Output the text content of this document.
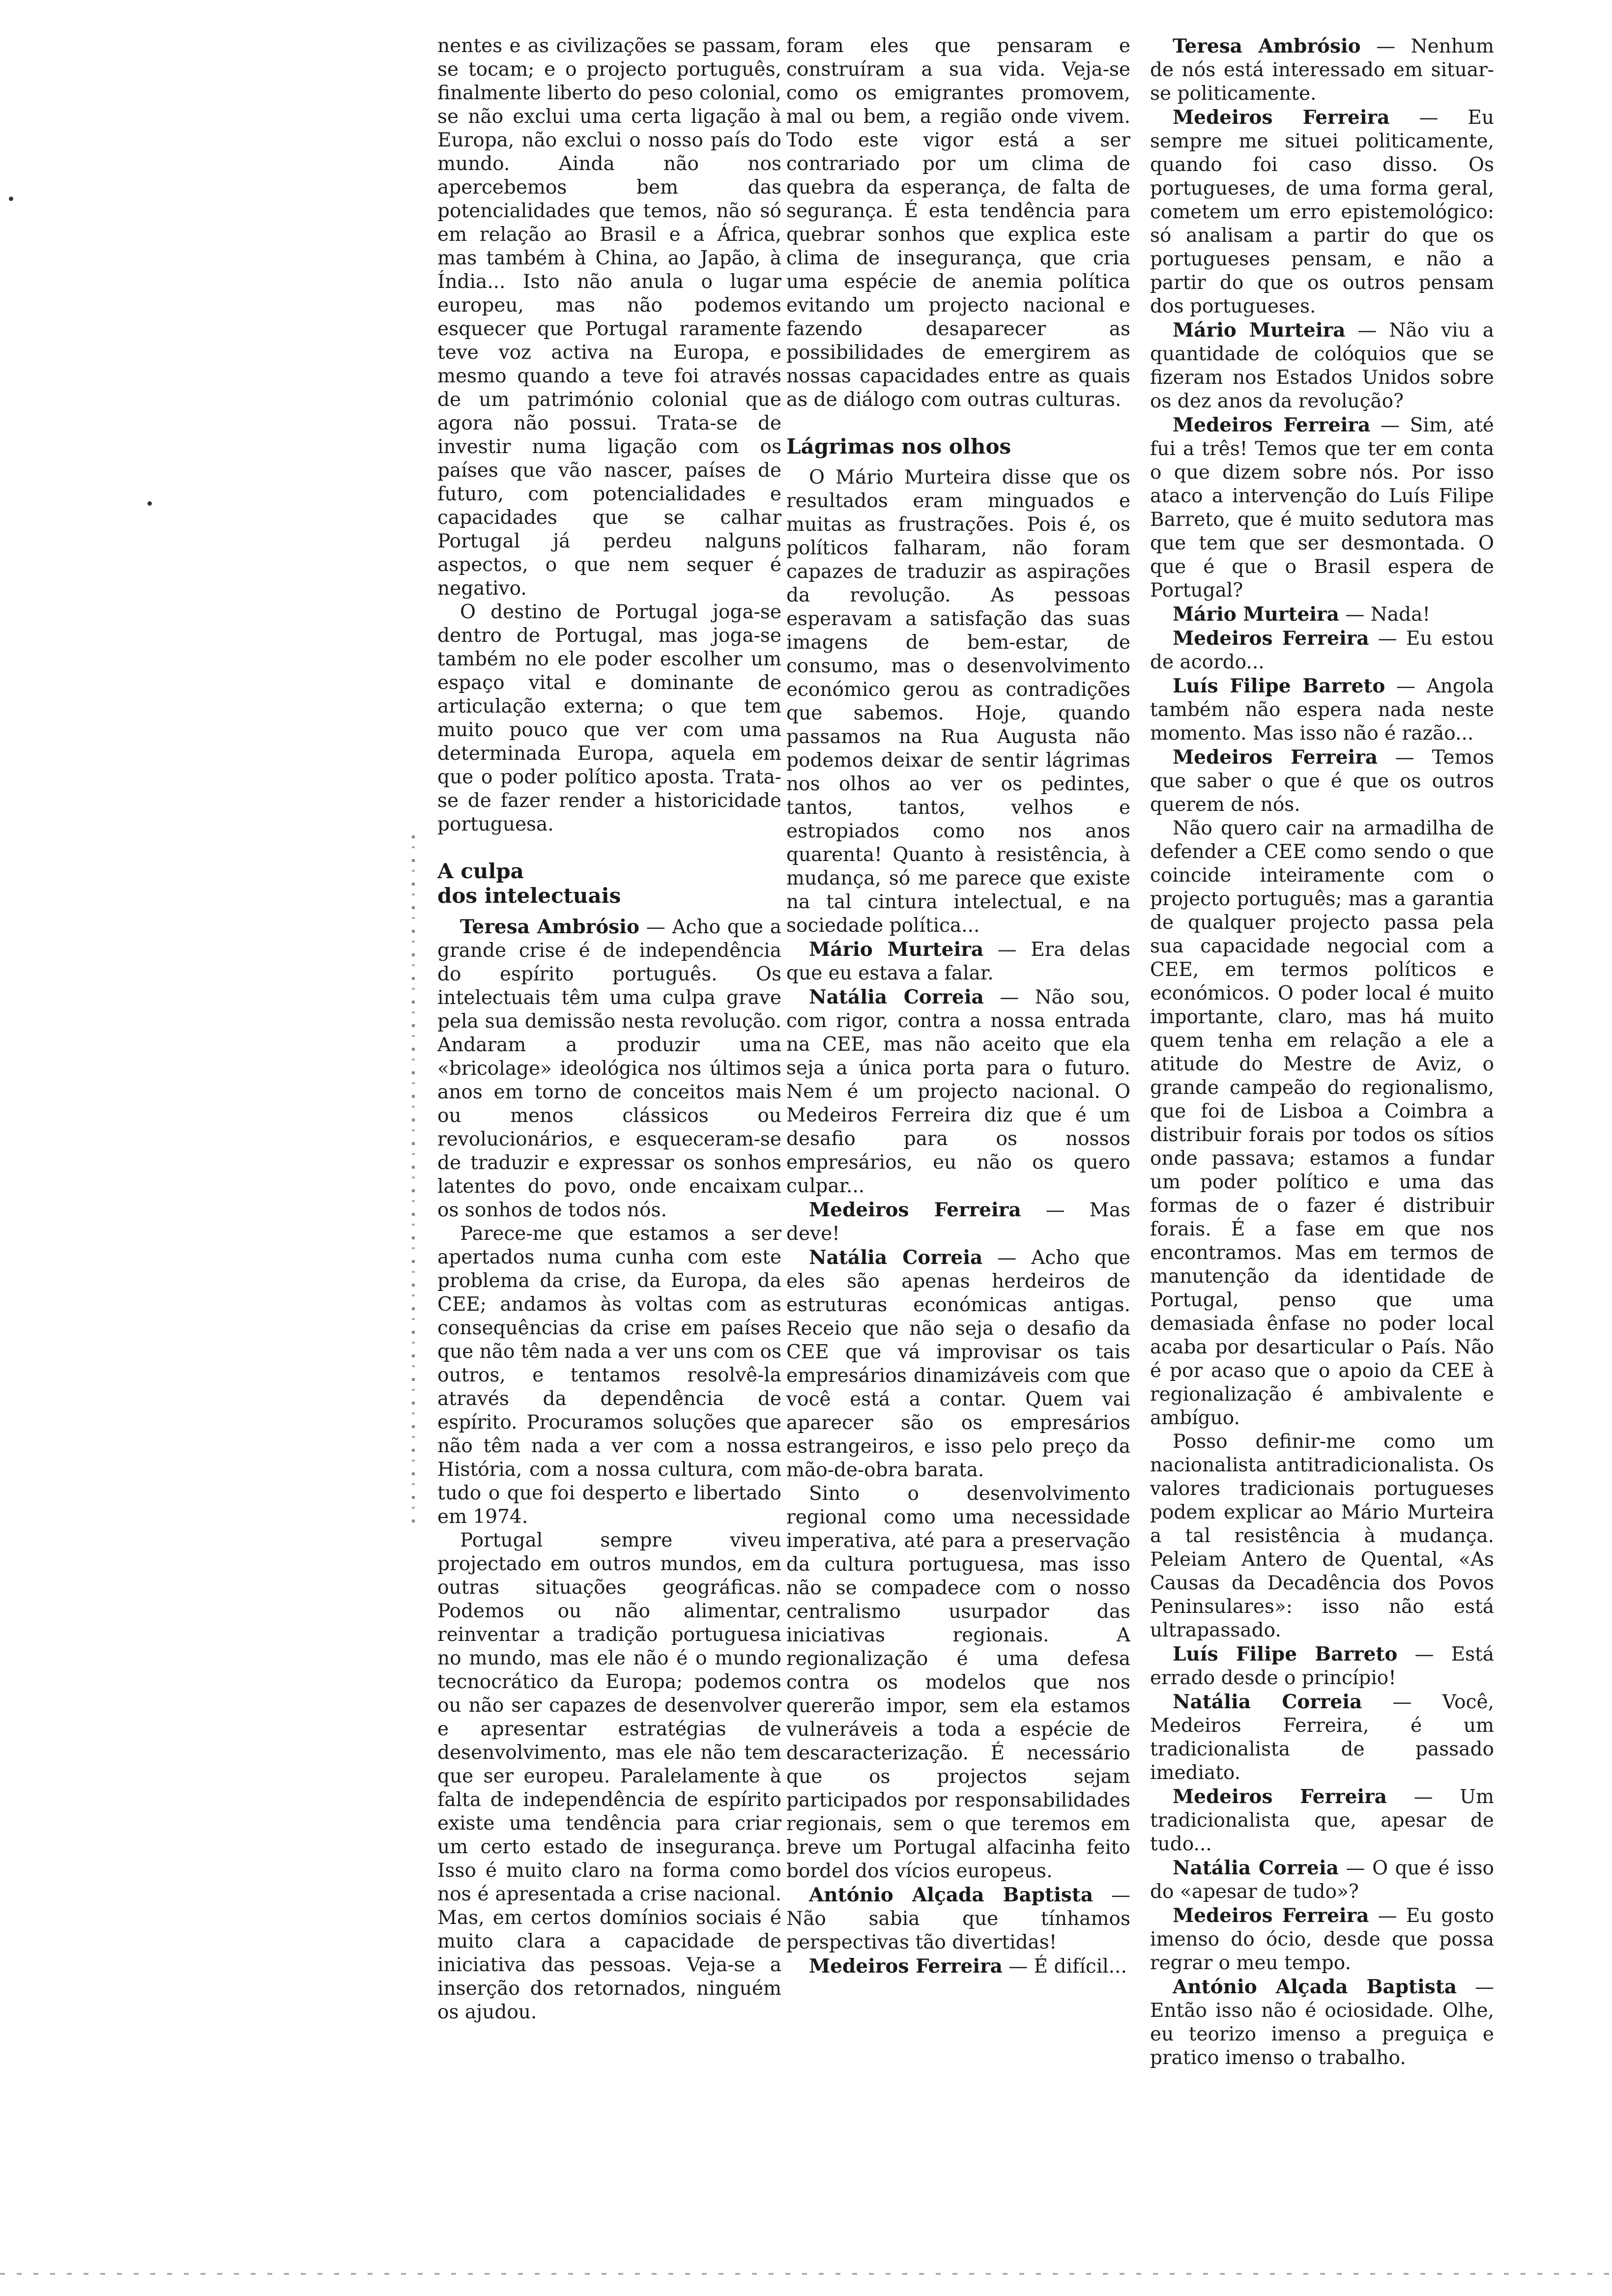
nentes e as civilizações se passam, se tocam; e o projecto português, finalmente liberto do peso colonial, se não exclui uma certa ligação à Europa, não exclui o nosso país do mundo. Ainda não nos apercebemos bem das potencialidades que temos, não só em relação ao Brasil e a África, mas também à China, ao Japão, à Índia... Isto não anula o lugar europeu, mas não podemos esquecer que Portugal raramente teve voz activa na Europa, e mesmo quando a teve foi através de um património colonial que agora não possui. Trata-se de investir numa ligação com os países que vão nascer, países de futuro, com potencialidades e capacidades que se calhar Portugal já perdeu nalguns aspectos, o que nem sequer é negativo.

O destino de Portugal joga-se dentro de Portugal, mas joga-se também no ele poder escolher um espaço vital e dominante de articulação externa; o que tem muito pouco que ver com uma determinada Europa, aquela em que o poder político aposta. Trata-se de fazer render a historicidade portuguesa.

A culpa
dos intelectuais

Teresa Ambrósio — Acho que a grande crise é de independência do espírito português. Os intelectuais têm uma culpa grave pela sua demissão nesta revolução. Andaram a produzir uma «bricolage» ideológica nos últimos anos em torno de conceitos mais ou menos clássicos ou revolucionários, e esqueceram-se de traduzir e expressar os sonhos latentes do povo, onde encaixam os sonhos de todos nós.

Parece-me que estamos a ser apertados numa cunha com este problema da crise, da Europa, da CEE; andamos às voltas com as consequências da crise em países que não têm nada a ver uns com os outros, e tentamos resolvê-la através da dependência de espírito. Procuramos soluções que não têm nada a ver com a nossa História, com a nossa cultura, com tudo o que foi desperto e libertado em 1974.

Portugal sempre viveu projectado em outros mundos, em outras situações geográficas. Podemos ou não alimentar, reinventar a tradição portuguesa no mundo, mas ele não é o mundo tecnocrático da Europa; podemos ou não ser capazes de desenvolver e apresentar estratégias de desenvolvimento, mas ele não tem que ser europeu. Paralelamente à falta de independência de espírito existe uma tendência para criar um certo estado de insegurança. Isso é muito claro na forma como nos é apresentada a crise nacional. Mas, em certos domínios sociais é muito clara a capacidade de iniciativa das pessoas. Veja-se a inserção dos retornados, ninguém os ajudou.

foram eles que pensaram e construíram a sua vida. Veja-se como os emigrantes promovem, mal ou bem, a região onde vivem. Todo este vigor está a ser contrariado por um clima de quebra da esperança, de falta de segurança. É esta tendência para quebrar sonhos que explica este clima de insegurança, que cria uma espécie de anemia política evitando um projecto nacional e fazendo desaparecer as possibilidades de emergirem as nossas capacidades entre as quais as de diálogo com outras culturas.

Lágrimas nos olhos

O Mário Murteira disse que os resultados eram minguados e muitas as frustrações. Pois é, os políticos falharam, não foram capazes de traduzir as aspirações da revolução. As pessoas esperavam a satisfação das suas imagens de bem-estar, de consumo, mas o desenvolvimento económico gerou as contradições que sabemos. Hoje, quando passamos na Rua Augusta não podemos deixar de sentir lágrimas nos olhos ao ver os pedintes, tantos, tantos, velhos e estropiados como nos anos quarenta! Quanto à resistência, à mudança, só me parece que existe na tal cintura intelectual, e na sociedade política...

Mário Murteira — Era delas que eu estava a falar.

Natália Correia — Não sou, com rigor, contra a nossa entrada na CEE, mas não aceito que ela seja a única porta para o futuro. Nem é um projecto nacional. O Medeiros Ferreira diz que é um desafio para os nossos empresários, eu não os quero culpar...

Medeiros Ferreira — Mas deve!

Natália Correia — Acho que eles são apenas herdeiros de estruturas económicas antigas. Receio que não seja o desafio da CEE que vá improvisar os tais empresários dinamizáveis com que você está a contar. Quem vai aparecer são os empresários estrangeiros, e isso pelo preço da mão-de-obra barata.

Sinto o desenvolvimento regional como uma necessidade imperativa, até para a preservação da cultura portuguesa, mas isso não se compadece com o nosso centralismo usurpador das iniciativas regionais. A regionalização é uma defesa contra os modelos que nos quererão impor, sem ela estamos vulneráveis a toda a espécie de descaracterização. É necessário que os projectos sejam participados por responsabilidades regionais, sem o que teremos em breve um Portugal alfacinha feito bordel dos vícios europeus.

António Alçada Baptista — Não sabia que tínhamos perspectivas tão divertidas!

Medeiros Ferreira — É difícil...

Teresa Ambrósio — Nenhum de nós está interessado em situar-se politicamente.

Medeiros Ferreira — Eu sempre me situei politicamente, quando foi caso disso. Os portugueses, de uma forma geral, cometem um erro epistemológico: só analisam a partir do que os portugueses pensam, e não a partir do que os outros pensam dos portugueses.

Mário Murteira — Não viu a quantidade de colóquios que se fizeram nos Estados Unidos sobre os dez anos da revolução?

Medeiros Ferreira — Sim, até fui a três! Temos que ter em conta o que dizem sobre nós. Por isso ataco a intervenção do Luís Filipe Barreto, que é muito sedutora mas que tem que ser desmontada. O que é que o Brasil espera de Portugal?

Mário Murteira — Nada!

Medeiros Ferreira — Eu estou de acordo...

Luís Filipe Barreto — Angola também não espera nada neste momento. Mas isso não é razão...

Medeiros Ferreira — Temos que saber o que é que os outros querem de nós.

Não quero cair na armadilha de defender a CEE como sendo o que coincide inteiramente com o projecto português; mas a garantia de qualquer projecto passa pela sua capacidade negocial com a CEE, em termos políticos e económicos. O poder local é muito importante, claro, mas há muito quem tenha em relação a ele a atitude do Mestre de Aviz, o grande campeão do regionalismo, que foi de Lisboa a Coimbra a distribuir forais por todos os sítios onde passava; estamos a fundar um poder político e uma das formas de o fazer é distribuir forais. É a fase em que nos encontramos. Mas em termos de manutenção da identidade de Portugal, penso que uma demasiada ênfase no poder local acaba por desarticular o País. Não é por acaso que o apoio da CEE à regionalização é ambivalente e ambíguo.

Posso definir-me como um nacionalista antitradicionalista. Os valores tradicionais portugueses podem explicar ao Mário Murteira a tal resistência à mudança. Peleiam Antero de Quental, «As Causas da Decadência dos Povos Peninsulares»: isso não está ultrapassado.

Luís Filipe Barreto — Está errado desde o princípio!

Natália Correia — Você, Medeiros Ferreira, é um tradicionalista de passado imediato.

Medeiros Ferreira — Um tradicionalista que, apesar de tudo...

Natália Correia — O que é isso do «apesar de tudo»?

Medeiros Ferreira — Eu gosto imenso do ócio, desde que possa regrar o meu tempo.

António Alçada Baptista — Então isso não é ociosidade. Olhe, eu teorizo imenso a preguiça e pratico imenso o trabalho.
